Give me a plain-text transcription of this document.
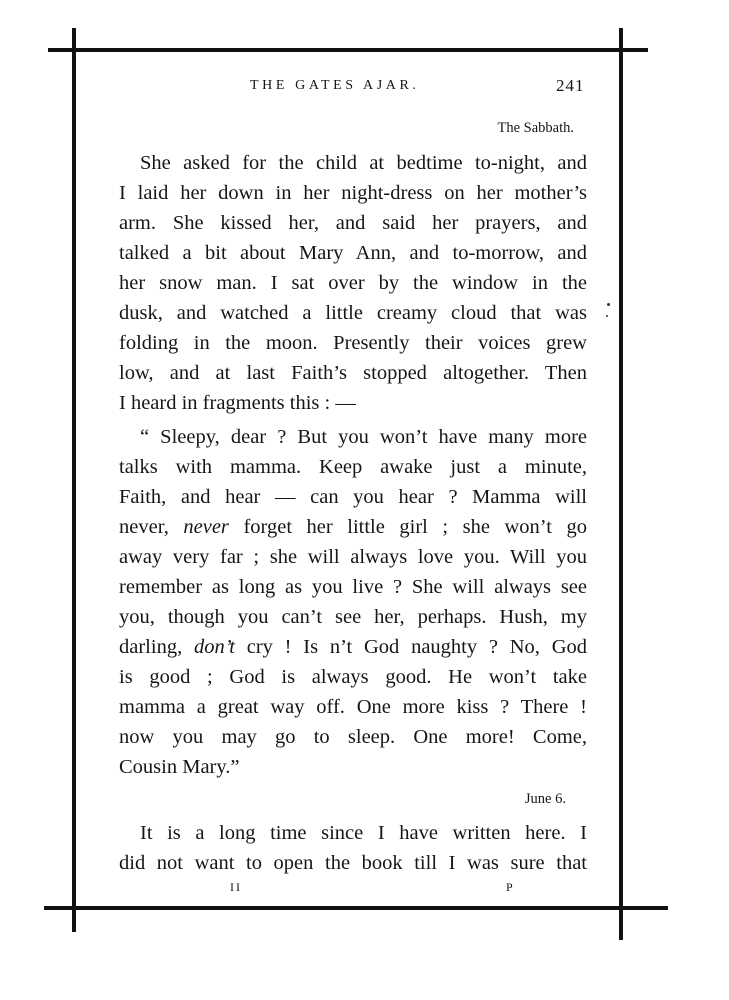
THE GATES AJAR.	241
The Sabbath.
She asked for the child at bedtime to-night, and
I laid her down in her night-dress on her mother’s
arm. She kissed her, and said her prayers, and
talked a bit about Mary Ann, and to-morrow, and
her snow man. I sat over by the window in the
dusk, and watched a little creamy cloud that was
folding in the moon. Presently their voices grew
low, and at last Faith’s stopped altogether. Then
I heard in fragments this : —
“ Sleepy, dear ? But you won’t have many more
talks with mamma. Keep awake just a minute,
Faith, and hear — can you hear ? Mamma will
never, never forget her little girl ; she won’t go
away very far ; she will always love you. Will you
remember as long as you live ? She will always see
you, though you can’t see her, perhaps. Hush, my
darling, don’t cry ! Is n’t God naughty ? No, God
is good ; God is always good. He won’t take
mamma a great way off. One more kiss ? There !
now you may go to sleep. One more! Come,
Cousin Mary.”
June 6.
It is a long time since I have written here. I
did not want to open the book till I was sure that
II	P
